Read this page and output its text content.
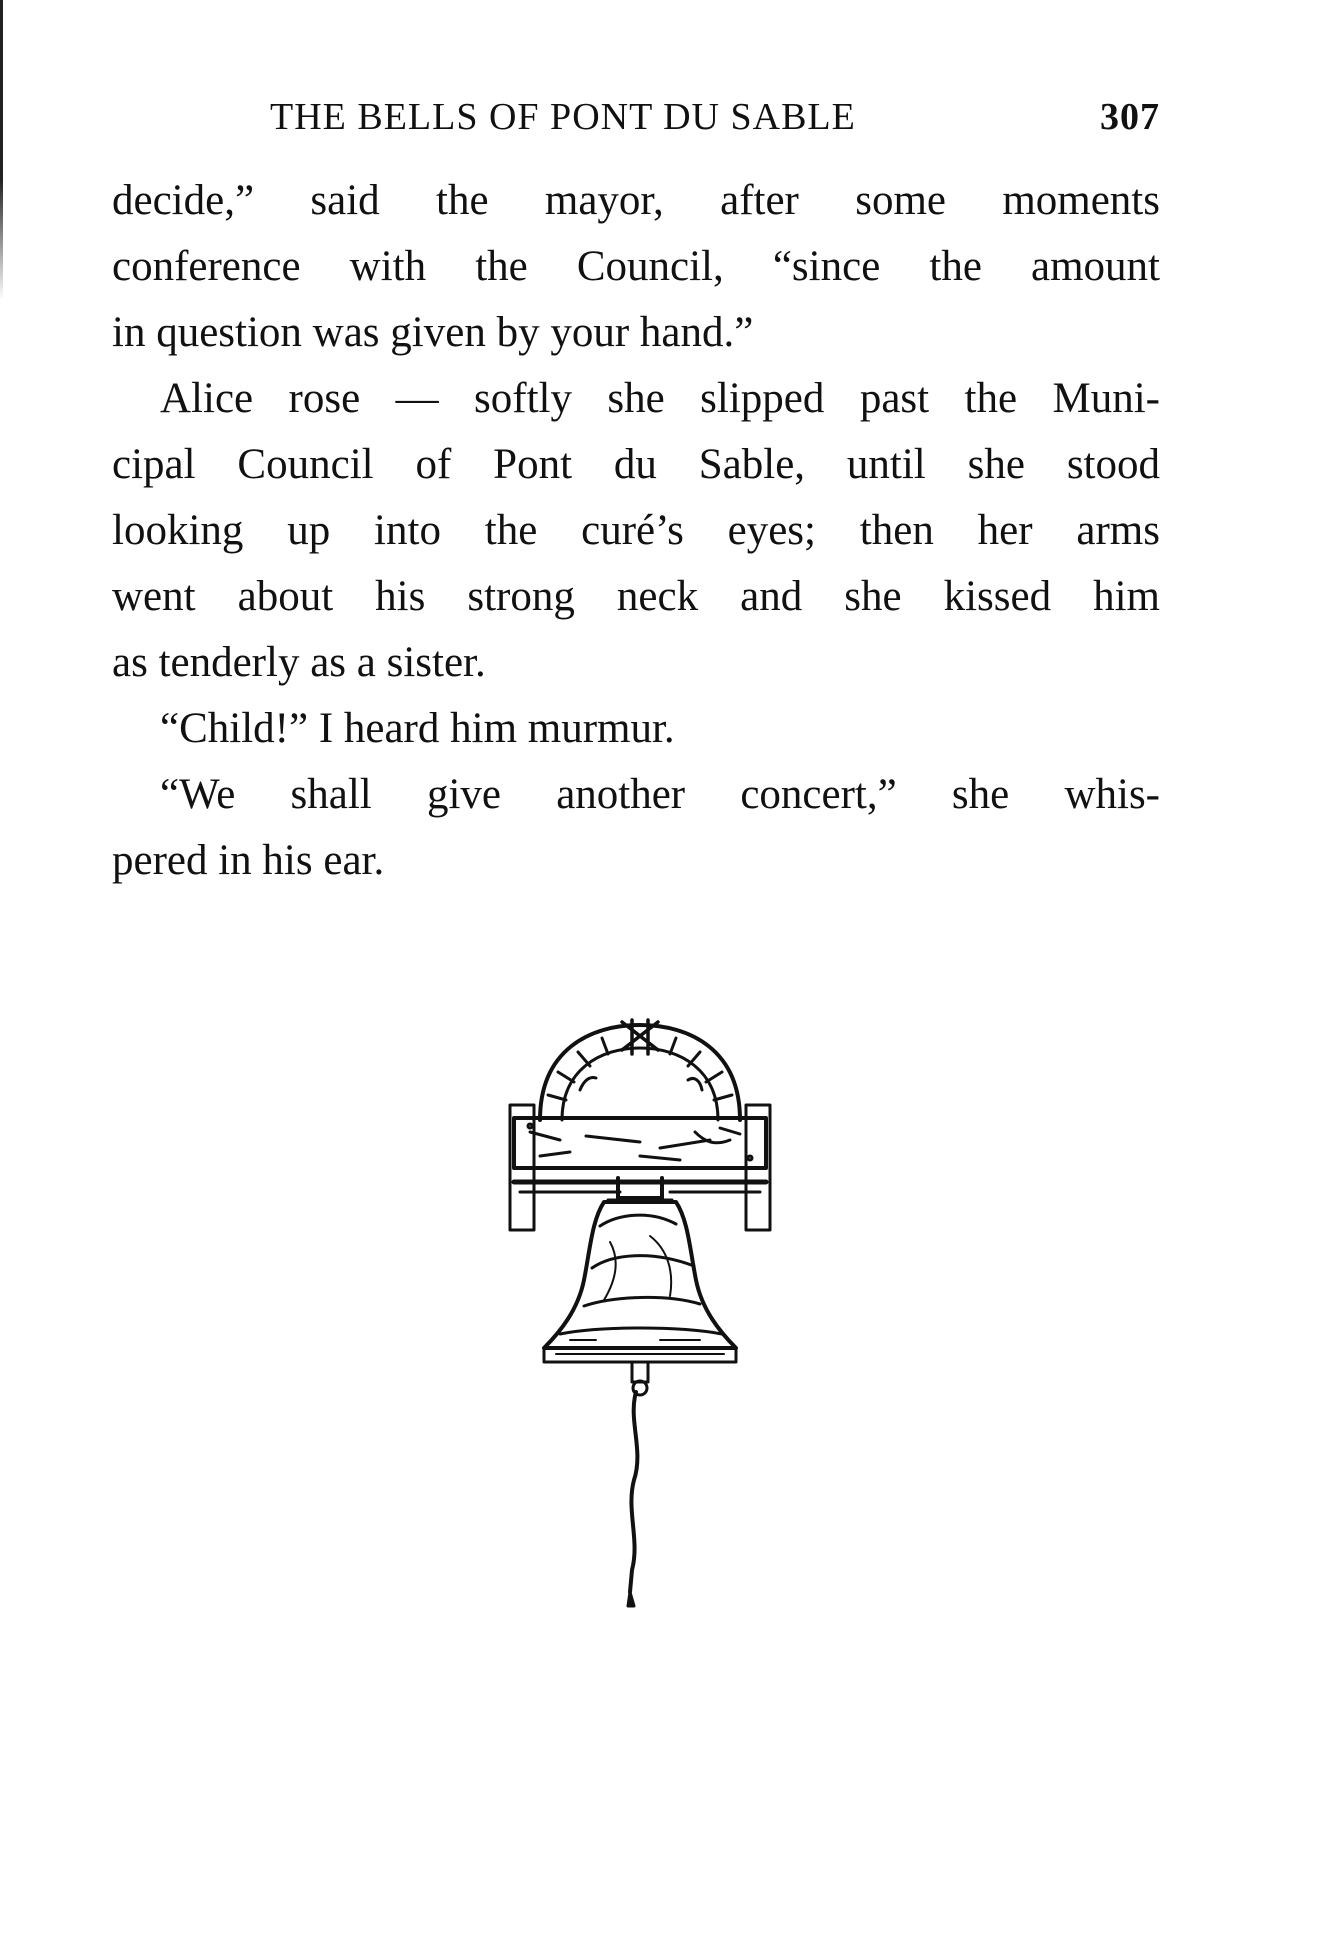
THE BELLS OF PONT DU SABLE	307
decide,” said the mayor, after some moments
conference with the Council, “since the amount
in question was given by your hand.”
Alice rose — softly she slipped past the Muni-
cipal Council of Pont du Sable, until she stood
looking up into the curé’s eyes; then her arms
went about his strong neck and she kissed him
as tenderly as a sister.
“Child!” I heard him murmur.
“We shall give another concert,” she whis-
pered in his ear.
